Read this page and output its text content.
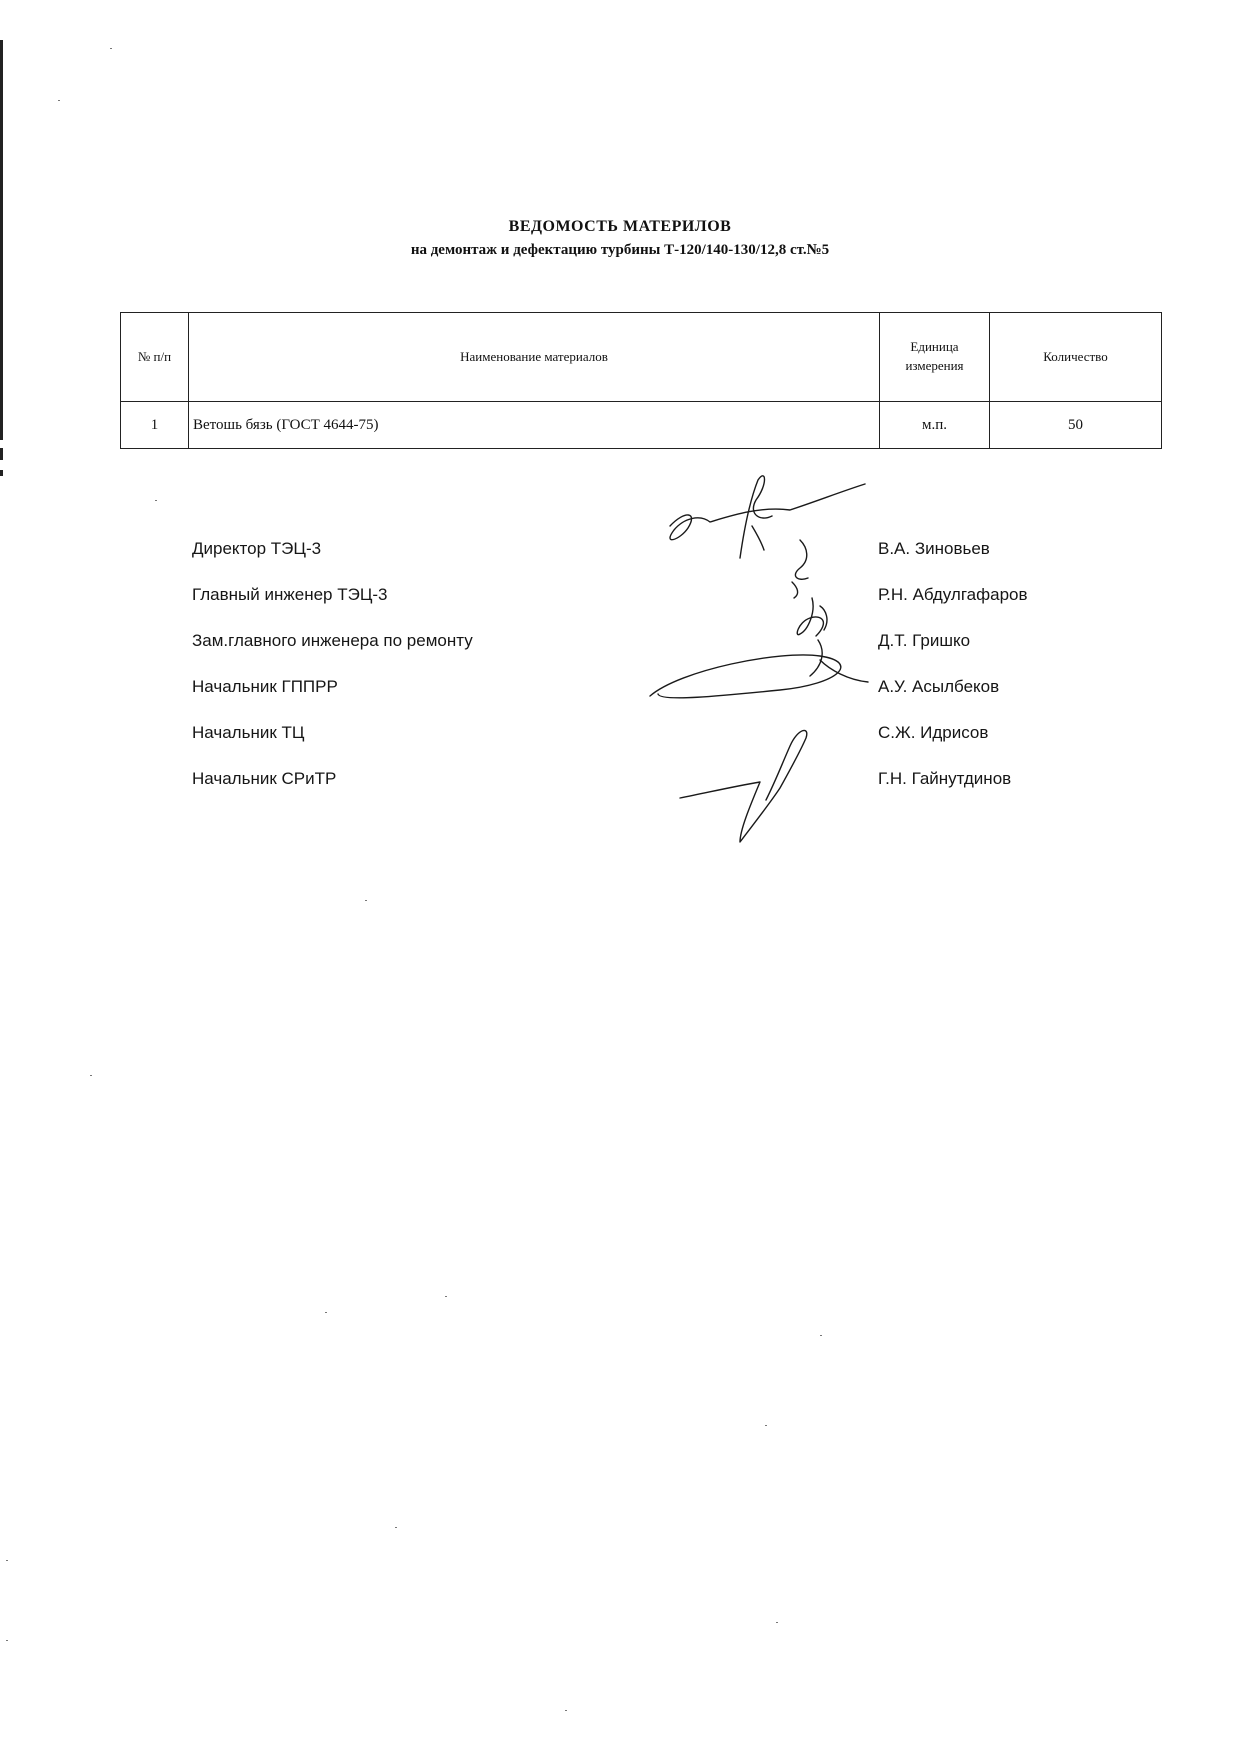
ВЕДОМОСТЬ МАТЕРИЛОВ
на демонтаж и дефектацию турбины Т-120/140-130/12,8 ст.№5
№ п/п	Наименование материалов	Единица измерения	Количество
1	Ветошь бязь (ГОСТ 4644-75)	м.п.	50
Директор ТЭЦ-3	В.А. Зиновьев
Главный инженер ТЭЦ-3	Р.Н. Абдулгафаров
Зам.главного инженера по ремонту	Д.Т. Гришко
Начальник ГППРР	А.У. Асылбеков
Начальник ТЦ	С.Ж. Идрисов
Начальник СРиТР	Г.Н. Гайнутдинов
